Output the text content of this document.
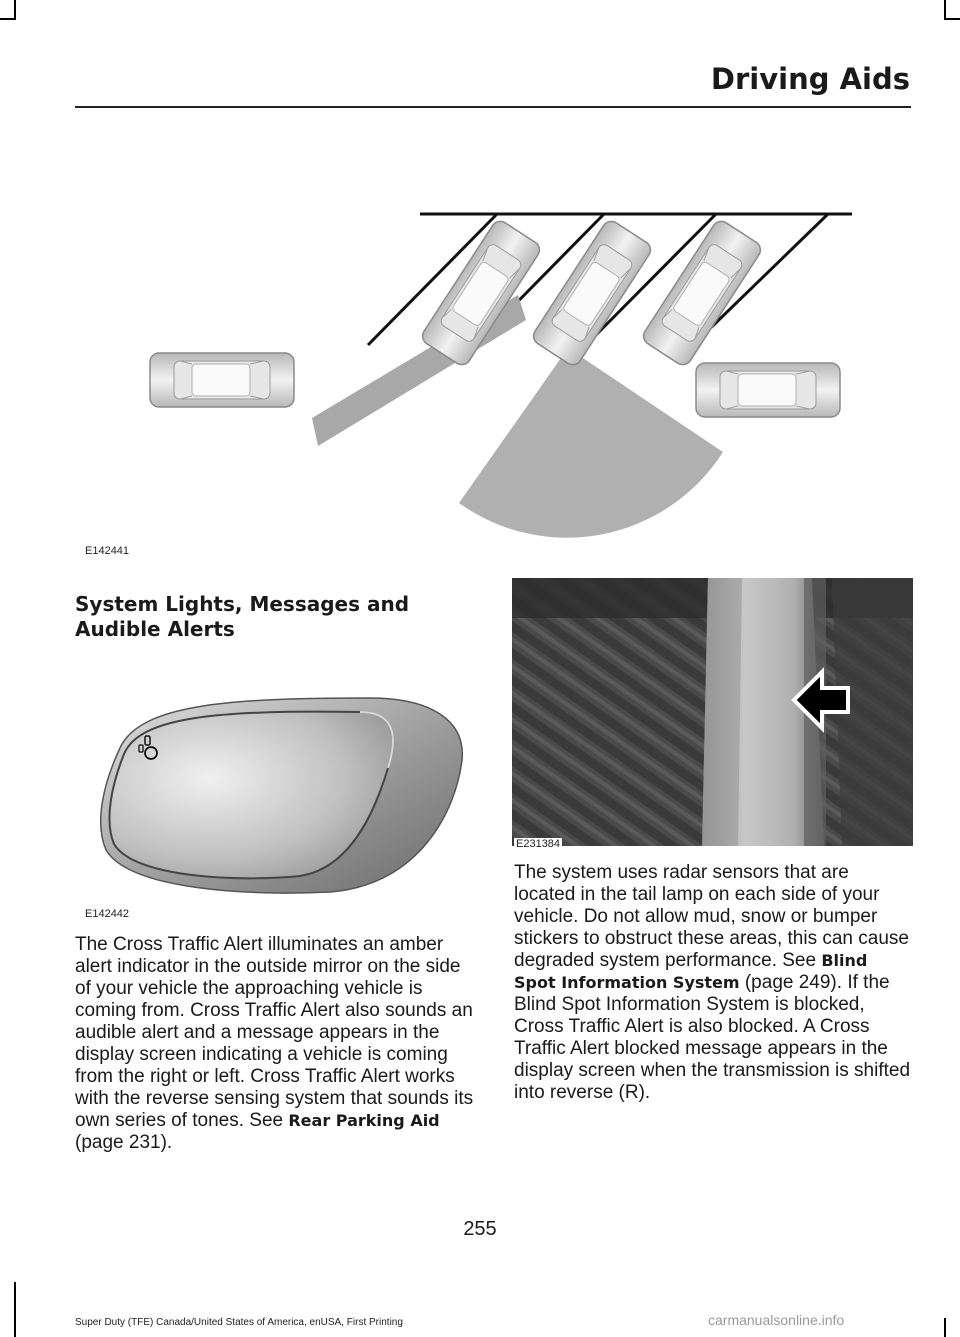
Driving Aids
E142441
System Lights, Messages and Audible Alerts
E142442
The Cross Traffic Alert illuminates an amber alert indicator in the outside mirror on the side of your vehicle the approaching vehicle is coming from. Cross Traffic Alert also sounds an audible alert and a message appears in the display screen indicating a vehicle is coming from the right or left. Cross Traffic Alert works with the reverse sensing system that sounds its own series of tones. See Rear Parking Aid (page 231).
E231384
The system uses radar sensors that are located in the tail lamp on each side of your vehicle. Do not allow mud, snow or bumper stickers to obstruct these areas, this can cause degraded system performance. See Blind Spot Information System (page 249). If the Blind Spot Information System is blocked, Cross Traffic Alert is also blocked. A Cross Traffic Alert blocked message appears in the display screen when the transmission is shifted into reverse (R).
255
Super Duty (TFE) Canada/United States of America, enUSA, First Printing	carmanualsonline.info
